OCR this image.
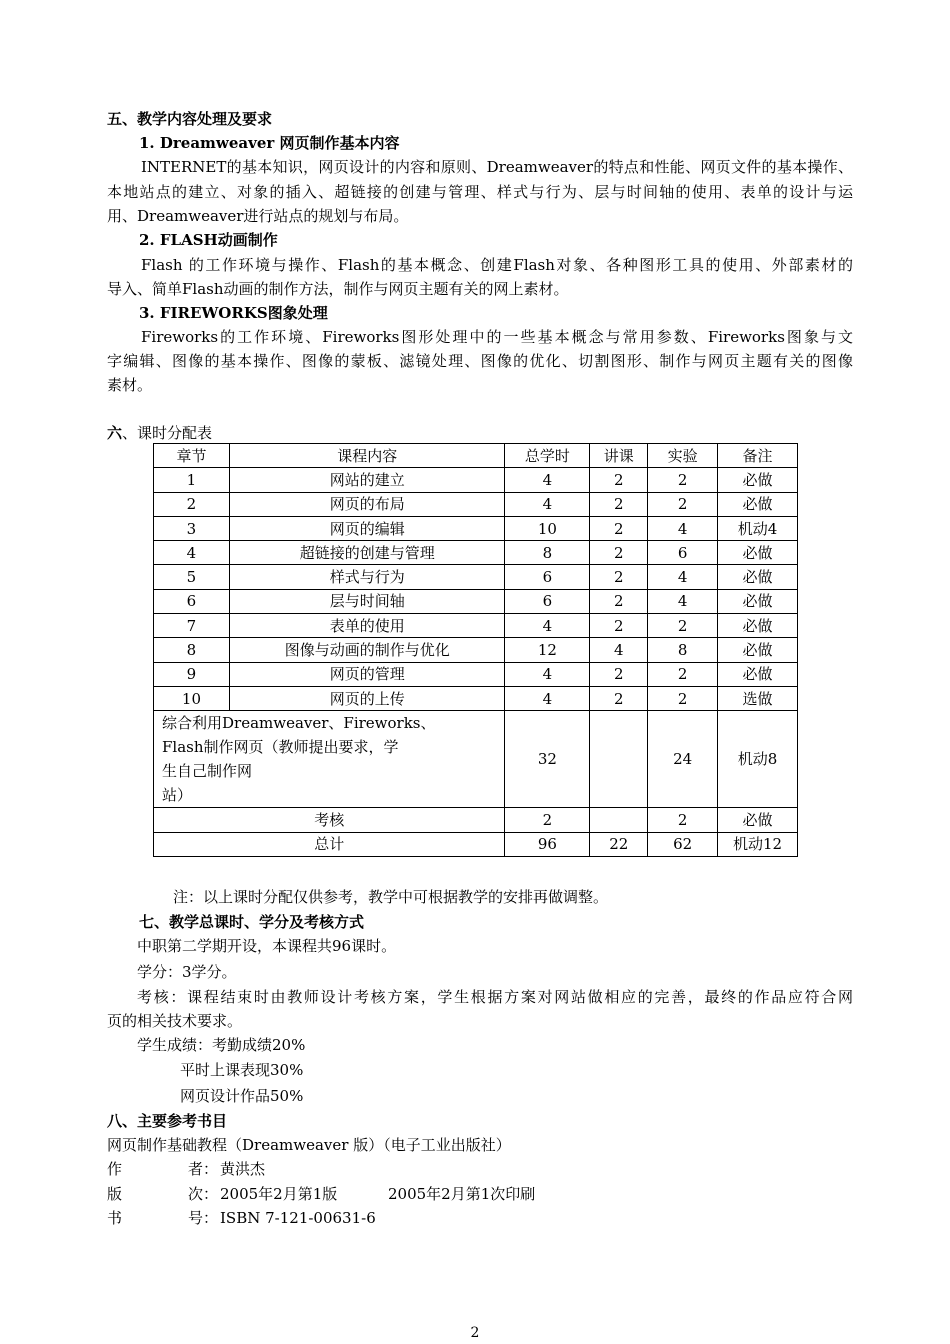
五、教学内容处理及要求
1. Dreamweaver 网页制作基本内容
INTERNET的基本知识，网页设计的内容和原则、Dreamweaver的特点和性能、网页文件的基本操作、
本地站点的建立、对象的插入、超链接的创建与管理、样式与行为、层与时间轴的使用、表单的设计与运
用、Dreamweaver进行站点的规划与布局。
2. FLASH动画制作
Flash 的工作环境与操作、Flash的基本概念、创建Flash对象、各种图形工具的使用、外部素材的
导入、简单Flash动画的制作方法，制作与网页主题有关的网上素材。
3. FIREWORKS图象处理
Fireworks的工作环境、Fireworks图形处理中的一些基本概念与常用参数、Fireworks图象与文
字编辑、图像的基本操作、图像的蒙板、滤镜处理、图像的优化、切割图形、制作与网页主题有关的图像
素材。
六、课时分配表
章节	课程内容	总学时	讲课	实验	备注
1	网站的建立	4	2	2	必做
2	网页的布局	4	2	2	必做
3	网页的编辑	10	2	4	机动4
4	超链接的创建与管理	8	2	6	必做
5	样式与行为	6	2	4	必做
6	层与时间轴	6	2	4	必做
7	表单的使用	4	2	2	必做
8	图像与动画的制作与优化	12	4	8	必做
9	网页的管理	4	2	2	必做
10	网页的上传	4	2	2	选做

综合利用Dreamweaver、Fireworks、
Flash制作网页（教师提出要求，学
生自己制作网
站）		32		24	机动8
考核		2		2	必做
总计		96	22	62	机动12
注：以上课时分配仅供参考，教学中可根据教学的安排再做调整。
七、教学总课时、学分及考核方式
中职第二学期开设，本课程共96课时。
学分：3学分。
考核：课程结束时由教师设计考核方案，学生根据方案对网站做相应的完善，最终的作品应符合网
页的相关技术要求。
学生成绩：考勤成绩20%
平时上课表现30%
网页设计作品50%
八、主要参考书目
网页制作基础教程（Dreamweaver 版）（电子工业出版社）
作	者： 黄洪杰
版	次： 2005年2月第1版	2005年2月第1次印刷
书	号： ISBN 7-121-00631-6
2
